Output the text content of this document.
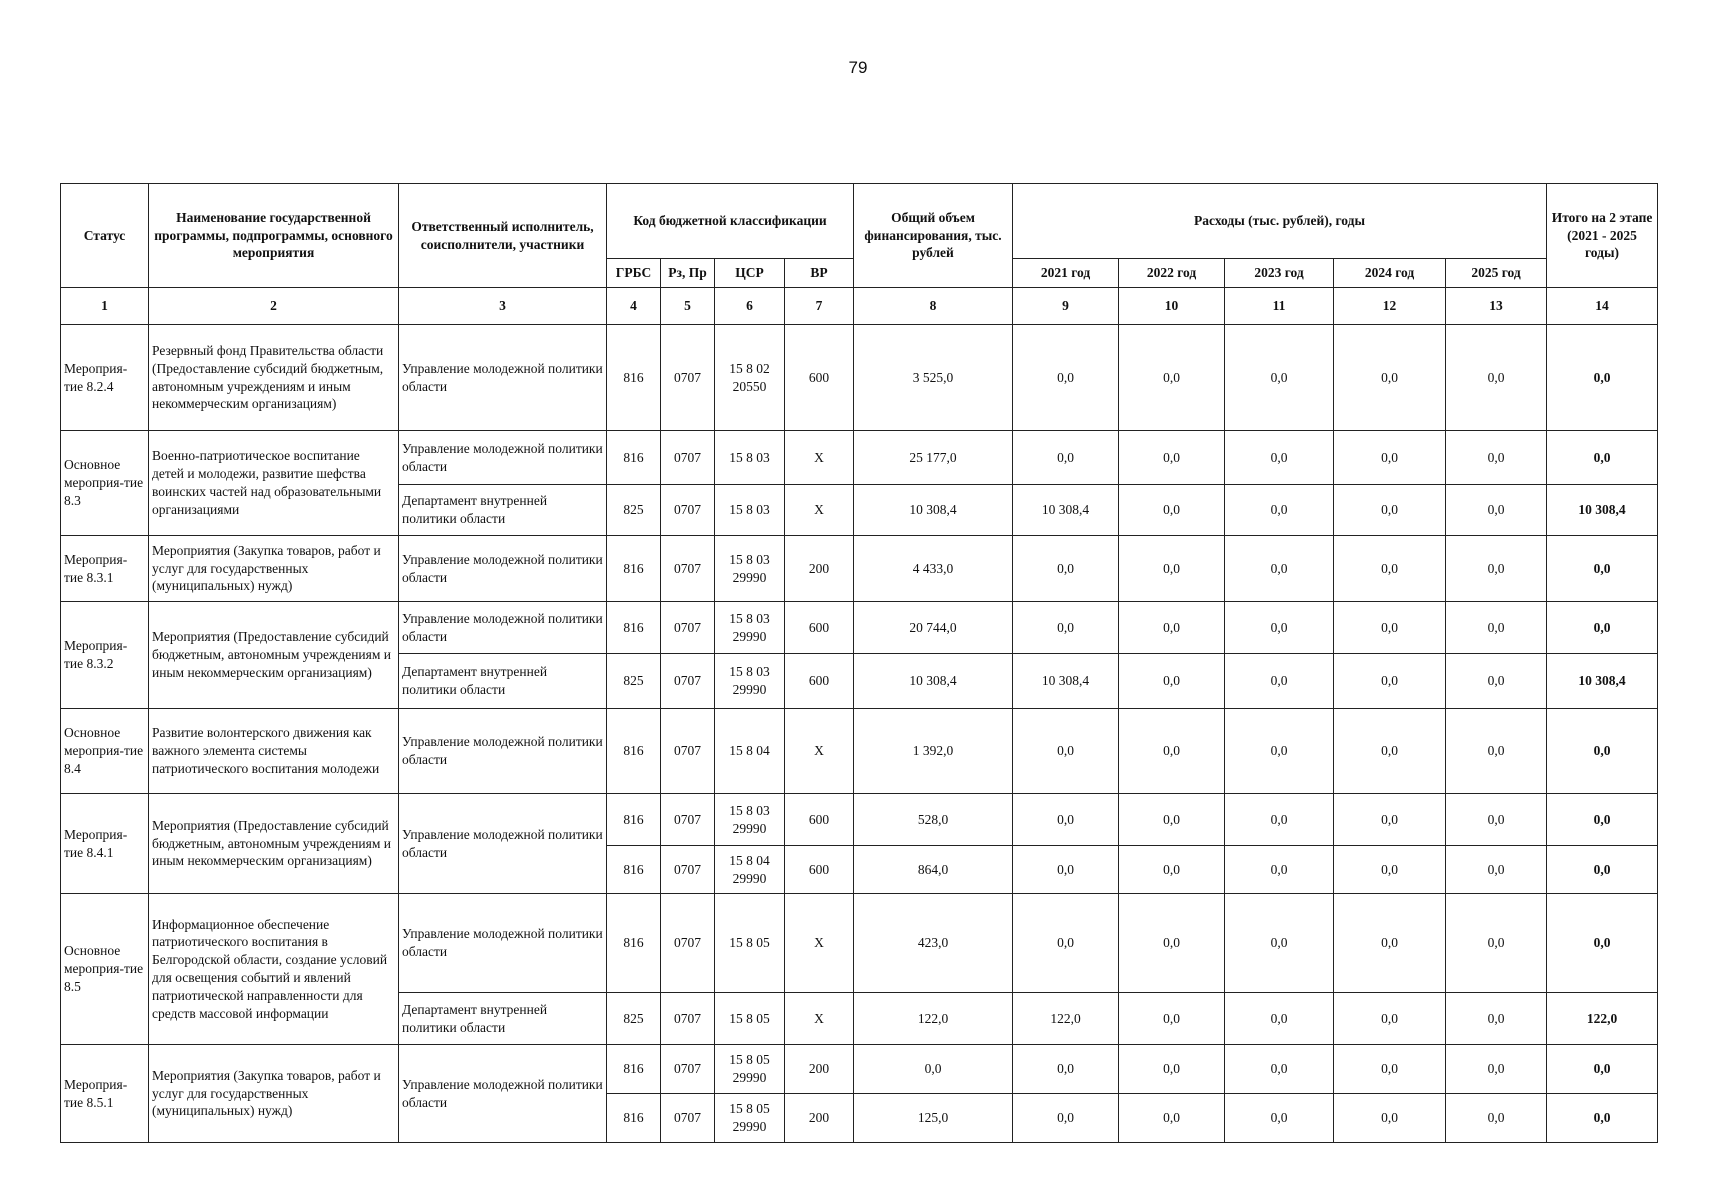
79
Статус	Наименование государственной программы, подпрограммы, основного мероприятия	Ответственный исполнитель, соисполнители, участники	Код бюджетной классификации				Общий объем финансирования, тыс. рублей	Расходы (тыс. рублей), годы					Итого на 2 этапе (2021 - 2025 годы)
			ГРБС	Рз, Пр	ЦСР	ВР		2021 год	2022 год	2023 год	2024 год	2025 год	
1	2	3	4	5	6	7	8	9	10	11	12	13	14
Мероприя-тие 8.2.4	Резервный фонд Правительства области (Предоставление субсидий бюджетным, автономным учреждениям и иным некоммерческим организациям)	Управление молодежной политики области	816	0707	15 8 02 20550	600	3 525,0	0,0	0,0	0,0	0,0	0,0	0,0
Основное мероприя-тие 8.3	Военно-патриотическое воспитание детей и молодежи, развитие шефства воинских частей над образовательными организациями	Управление молодежной политики области	816	0707	15 8 03	X	25 177,0	0,0	0,0	0,0	0,0	0,0	0,0
		Департамент внутренней политики области	825	0707	15 8 03	X	10 308,4	10 308,4	0,0	0,0	0,0	0,0	10 308,4
Мероприя-тие 8.3.1	Мероприятия (Закупка товаров, работ и услуг для государственных (муниципальных) нужд)	Управление молодежной политики области	816	0707	15 8 03 29990	200	4 433,0	0,0	0,0	0,0	0,0	0,0	0,0
Мероприя-тие 8.3.2	Мероприятия (Предоставление субсидий бюджетным, автономным учреждениям и иным некоммерческим организациям)	Управление молодежной политики области	816	0707	15 8 03 29990	600	20 744,0	0,0	0,0	0,0	0,0	0,0	0,0
		Департамент внутренней политики области	825	0707	15 8 03 29990	600	10 308,4	10 308,4	0,0	0,0	0,0	0,0	10 308,4
Основное мероприя-тие 8.4	Развитие волонтерского движения как важного элемента системы патриотического воспитания молодежи	Управление молодежной политики области	816	0707	15 8 04	X	1 392,0	0,0	0,0	0,0	0,0	0,0	0,0
Мероприя-тие 8.4.1	Мероприятия (Предоставление субсидий бюджетным, автономным учреждениям и иным некоммерческим организациям)	Управление молодежной политики области	816	0707	15 8 03 29990	600	528,0	0,0	0,0	0,0	0,0	0,0	0,0
			816	0707	15 8 04 29990	600	864,0	0,0	0,0	0,0	0,0	0,0	0,0
Основное мероприя-тие 8.5	Информационное обеспечение патриотического воспитания в Белгородской области, создание условий для освещения событий и явлений патриотической направленности для средств массовой информации	Управление молодежной политики области	816	0707	15 8 05	X	423,0	0,0	0,0	0,0	0,0	0,0	0,0
		Департамент внутренней политики области	825	0707	15 8 05	X	122,0	122,0	0,0	0,0	0,0	0,0	122,0
Мероприя-тие 8.5.1	Мероприятия (Закупка товаров, работ и услуг для государственных (муниципальных) нужд)	Управление молодежной политики области	816	0707	15 8 05 29990	200	0,0	0,0	0,0	0,0	0,0	0,0	0,0
			816	0707	15 8 05 29990	200	125,0	0,0	0,0	0,0	0,0	0,0	0,0
